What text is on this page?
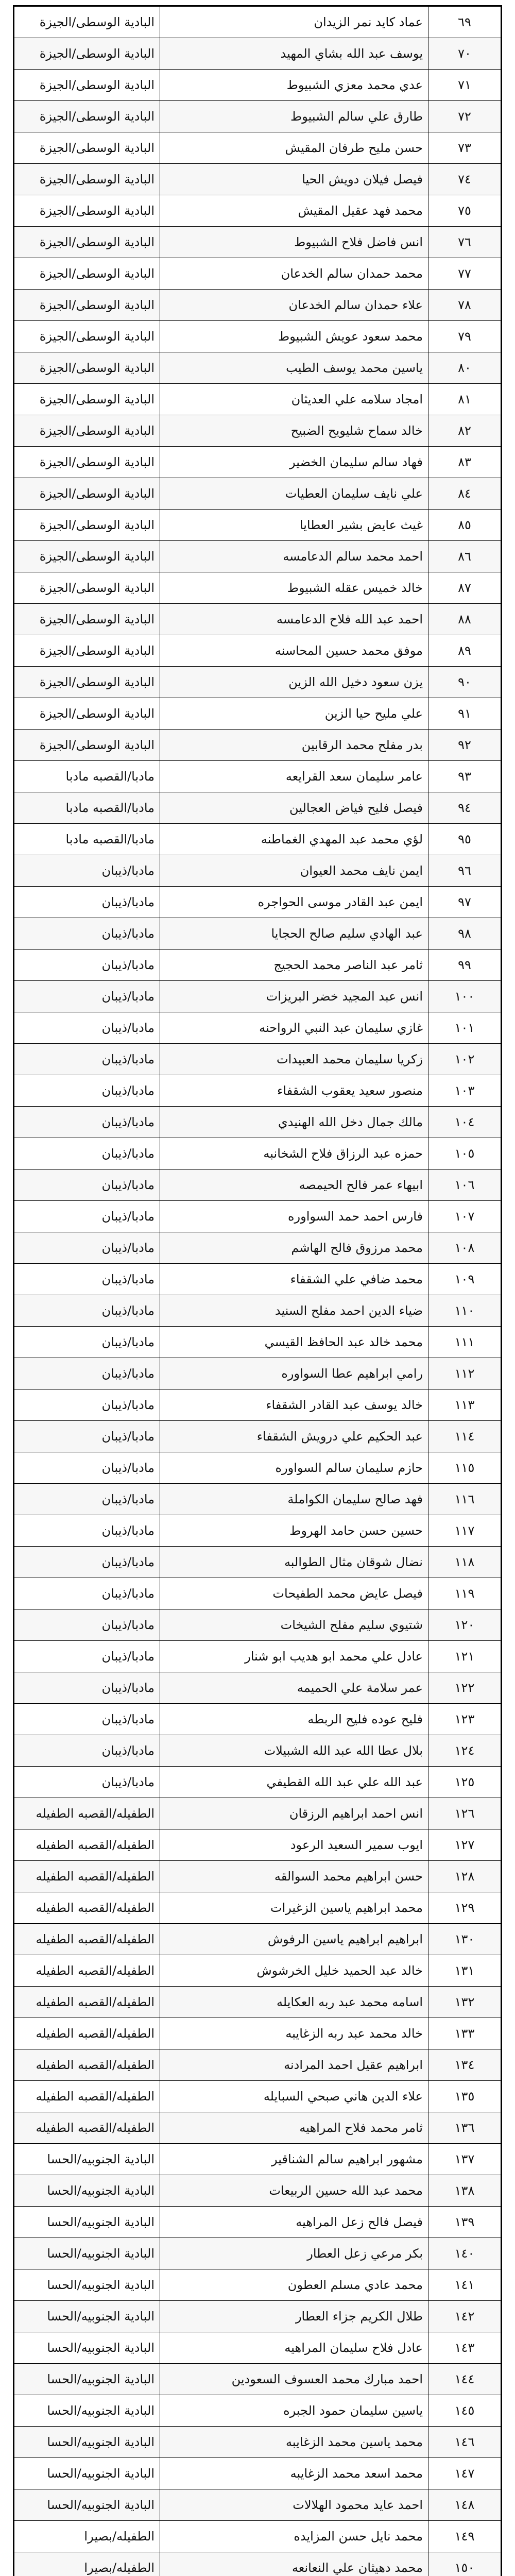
٦٩	عماد كايد نمر الزيدان	البادية الوسطى/الجيزة
٧٠	يوسف عبد الله بشاي المهيد	البادية الوسطى/الجيزة
٧١	عدي محمد معزي الشبيوط	البادية الوسطى/الجيزة
٧٢	طارق علي سالم الشبيوط	البادية الوسطى/الجيزة
٧٣	حسن مليح طرفان المقيش	البادية الوسطى/الجيزة
٧٤	فيصل فيلان دويش الحيا	البادية الوسطى/الجيزة
٧٥	محمد فهد عقيل المقيش	البادية الوسطى/الجيزة
٧٦	انس فاضل فلاح الشبيوط	البادية الوسطى/الجيزة
٧٧	محمد حمدان سالم الخدعان	البادية الوسطى/الجيزة
٧٨	علاء حمدان سالم الخدعان	البادية الوسطى/الجيزة
٧٩	محمد سعود عويش الشبيوط	البادية الوسطى/الجيزة
٨٠	ياسين محمد يوسف الطيب	البادية الوسطى/الجيزة
٨١	امجاد سلامه علي العديثان	البادية الوسطى/الجيزة
٨٢	خالد سماح شليويح الضبيح	البادية الوسطى/الجيزة
٨٣	فهاد سالم سليمان الخضير	البادية الوسطى/الجيزة
٨٤	علي نايف سليمان العطيات	البادية الوسطى/الجيزة
٨٥	غيث عايض بشير العطايا	البادية الوسطى/الجيزة
٨٦	احمد محمد سالم الدعامسه	البادية الوسطى/الجيزة
٨٧	خالد خميس عقله الشبيوط	البادية الوسطى/الجيزة
٨٨	احمد عبد الله فلاح الدعامسه	البادية الوسطى/الجيزة
٨٩	موفق محمد حسين المحاسنه	البادية الوسطى/الجيزة
٩٠	يزن سعود دخيل الله الزين	البادية الوسطى/الجيزة
٩١	علي مليح حيا الزين	البادية الوسطى/الجيزة
٩٢	بدر مفلح محمد الرقابين	البادية الوسطى/الجيزة
٩٣	عامر سليمان سعد القرايعه	مادبا/القصبه مادبا
٩٤	فيصل فليح فياض العجالين	مادبا/القصبه مادبا
٩٥	لؤي محمد عبد المهدي الغماطنه	مادبا/القصبه مادبا
٩٦	ايمن نايف محمد العيوان	مادبا/ذيبان
٩٧	ايمن عبد القادر موسى الحواجره	مادبا/ذيبان
٩٨	عبد الهادي سليم صالح الحجايا	مادبا/ذيبان
٩٩	ثامر عبد الناصر محمد الحجيج	مادبا/ذيبان
١٠٠	انس عبد المجيد خضر البريزات	مادبا/ذيبان
١٠١	غازي سليمان عبد النبي الرواحنه	مادبا/ذيبان
١٠٢	زكريا سليمان محمد العبيدات	مادبا/ذيبان
١٠٣	منصور سعيد يعقوب الشقفاء	مادبا/ذيبان
١٠٤	مالك جمال دخل الله الهنيدي	مادبا/ذيبان
١٠٥	حمزه عبد الرزاق فلاح الشخانبه	مادبا/ذيبان
١٠٦	ابيهاء عمر فالح الحيمصه	مادبا/ذيبان
١٠٧	فارس احمد حمد السواوره	مادبا/ذيبان
١٠٨	محمد مرزوق فالح الهاشم	مادبا/ذيبان
١٠٩	محمد ضافي علي الشقفاء	مادبا/ذيبان
١١٠	ضياء الدين احمد مفلح السنيد	مادبا/ذيبان
١١١	محمد خالد عبد الحافظ القيسي	مادبا/ذيبان
١١٢	رامي ابراهيم عطا السواوره	مادبا/ذيبان
١١٣	خالد يوسف عبد القادر الشقفاء	مادبا/ذيبان
١١٤	عبد الحكيم علي درويش الشقفاء	مادبا/ذيبان
١١٥	حازم سليمان سالم السواوره	مادبا/ذيبان
١١٦	فهد صالح سليمان الكواملة	مادبا/ذيبان
١١٧	حسين حسن حامد الهروط	مادبا/ذيبان
١١٨	نضال شوقان مثال الطوالبه	مادبا/ذيبان
١١٩	فيصل عايض محمد الطفيحات	مادبا/ذيبان
١٢٠	شتيوي سليم مفلح الشيخات	مادبا/ذيبان
١٢١	عادل علي محمد ابو هديب ابو شنار	مادبا/ذيبان
١٢٢	عمر سلامة علي الحميمه	مادبا/ذيبان
١٢٣	فليح عوده فليح الربطه	مادبا/ذيبان
١٢٤	بلال عطا الله عبد الله الشبيلات	مادبا/ذيبان
١٢٥	عبد الله علي عبد الله القطيفي	مادبا/ذيبان
١٢٦	انس احمد ابراهيم الرزقان	الطفيله/القصبه الطفيله
١٢٧	ايوب سمير السعيد الرعود	الطفيله/القصبه الطفيله
١٢٨	حسن ابراهيم محمد السوالقه	الطفيله/القصبه الطفيله
١٢٩	محمد ابراهيم ياسين الزغيرات	الطفيله/القصبه الطفيله
١٣٠	ابراهيم ابراهيم ياسين الرفوش	الطفيله/القصبه الطفيله
١٣١	خالد عبد الحميد خليل الخرشوش	الطفيله/القصبه الطفيله
١٣٢	اسامه محمد عبد ربه العكايله	الطفيله/القصبه الطفيله
١٣٣	خالد محمد عبد ربه الزغايبه	الطفيله/القصبه الطفيله
١٣٤	ابراهيم عقيل احمد المرادنه	الطفيله/القصبه الطفيله
١٣٥	علاء الدين هاني صبحي السبايله	الطفيله/القصبه الطفيله
١٣٦	ثامر محمد فلاح المراهيه	الطفيله/القصبه الطفيله
١٣٧	مشهور ابراهيم سالم الشناقير	البادية الجنوبيه/الحسا
١٣٨	محمد عبد الله حسين الربيعات	البادية الجنوبيه/الحسا
١٣٩	فيصل فالح زعل المراهيه	البادية الجنوبيه/الحسا
١٤٠	بكر مرعي زعل العطار	البادية الجنوبيه/الحسا
١٤١	محمد عادي مسلم العطون	البادية الجنوبيه/الحسا
١٤٢	طلال الكريم جزاء العطار	البادية الجنوبيه/الحسا
١٤٣	عادل فلاح سليمان المراهيه	البادية الجنوبيه/الحسا
١٤٤	احمد مبارك محمد العسوف السعودين	البادية الجنوبيه/الحسا
١٤٥	ياسين سليمان حمود الجبره	البادية الجنوبيه/الحسا
١٤٦	محمد ياسين محمد الزغايبه	البادية الجنوبيه/الحسا
١٤٧	محمد اسعد محمد الزغايبه	البادية الجنوبيه/الحسا
١٤٨	احمد عايد محمود الهلالات	البادية الجنوبيه/الحسا
١٤٩	محمد نايل حسن المزايده	الطفيله/بصيرا
١٥٠	محمد دهيثان علي النعانعه	الطفيله/بصيرا
